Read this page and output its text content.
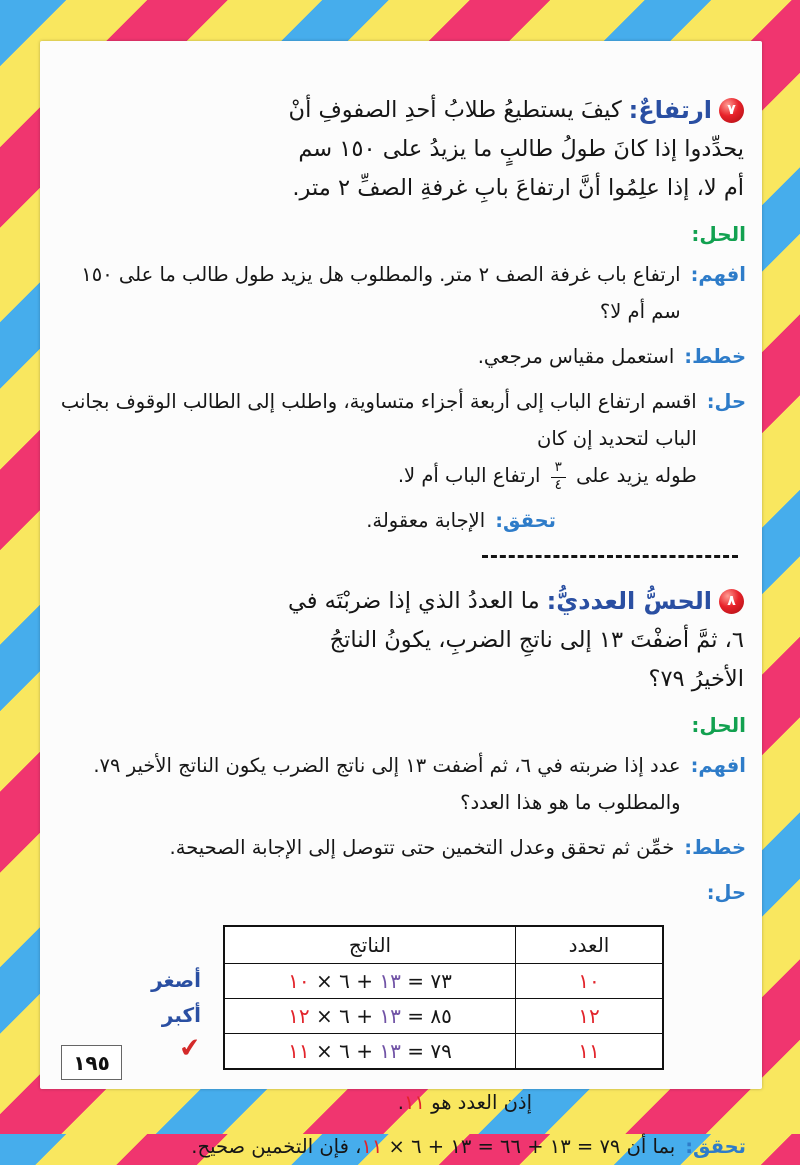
٧
ارتفاعٌ:
كيفَ يستطيعُ طلابُ أحدِ الصفوفِ أنْ
يحدِّدوا إذا كانَ طولُ طالبٍ ما يزيدُ على ١٥٠ سم
أم لا، إذا علِمُوا أنَّ ارتفاعَ بابِ غرفةِ الصفِّ ٢ متر.
الحل:
افهم:
ارتفاع باب غرفة الصف ٢ متر. والمطلوب هل يزيد طول طالب ما على ١٥٠ سم أم لا؟
خطط:
استعمل مقياس مرجعي.
حل:
اقسم ارتفاع الباب إلى أربعة أجزاء متساوية، واطلب إلى الطالب الوقوف بجانب الباب لتحديد إن كان
طوله يزيد على
$\frac{٣}{٤}$
ارتفاع الباب أم لا.
تحقق:
الإجابة معقولة.
٨
الحسُّ العدديُّ:
ما العددُ الذي إذا ضربْتَه في
٦، ثمَّ أضفْتَ ١٣ إلى ناتجِ الضربِ، يكونُ الناتجُ
الأخيرُ ٧٩؟
الحل:
افهم:
عدد إذا ضربته في ٦، ثم أضفت ١٣ إلى ناتج الضرب يكون الناتج الأخير ٧٩. والمطلوب ما هو هذا العدد؟
خطط:
خمِّن ثم تحقق وعدل التخمين حتى تتوصل إلى الإجابة الصحيحة.
حل:
العدد	الناتج
١٠	٧٣ = ١٣ + ٦ × ١٠
١٢	٨٥ = ١٣ + ٦ × ١٢
١١	٧٩ = ١٣ + ٦ × ١١
أصغر
أكبر
✔
إذن العدد هو ١١.
تحقق:
بما أن ٧٩ = ١٣ + ٦٦ = ١٣ + ٦ × ١١، فإن التخمين صحيح.
١٩٥
